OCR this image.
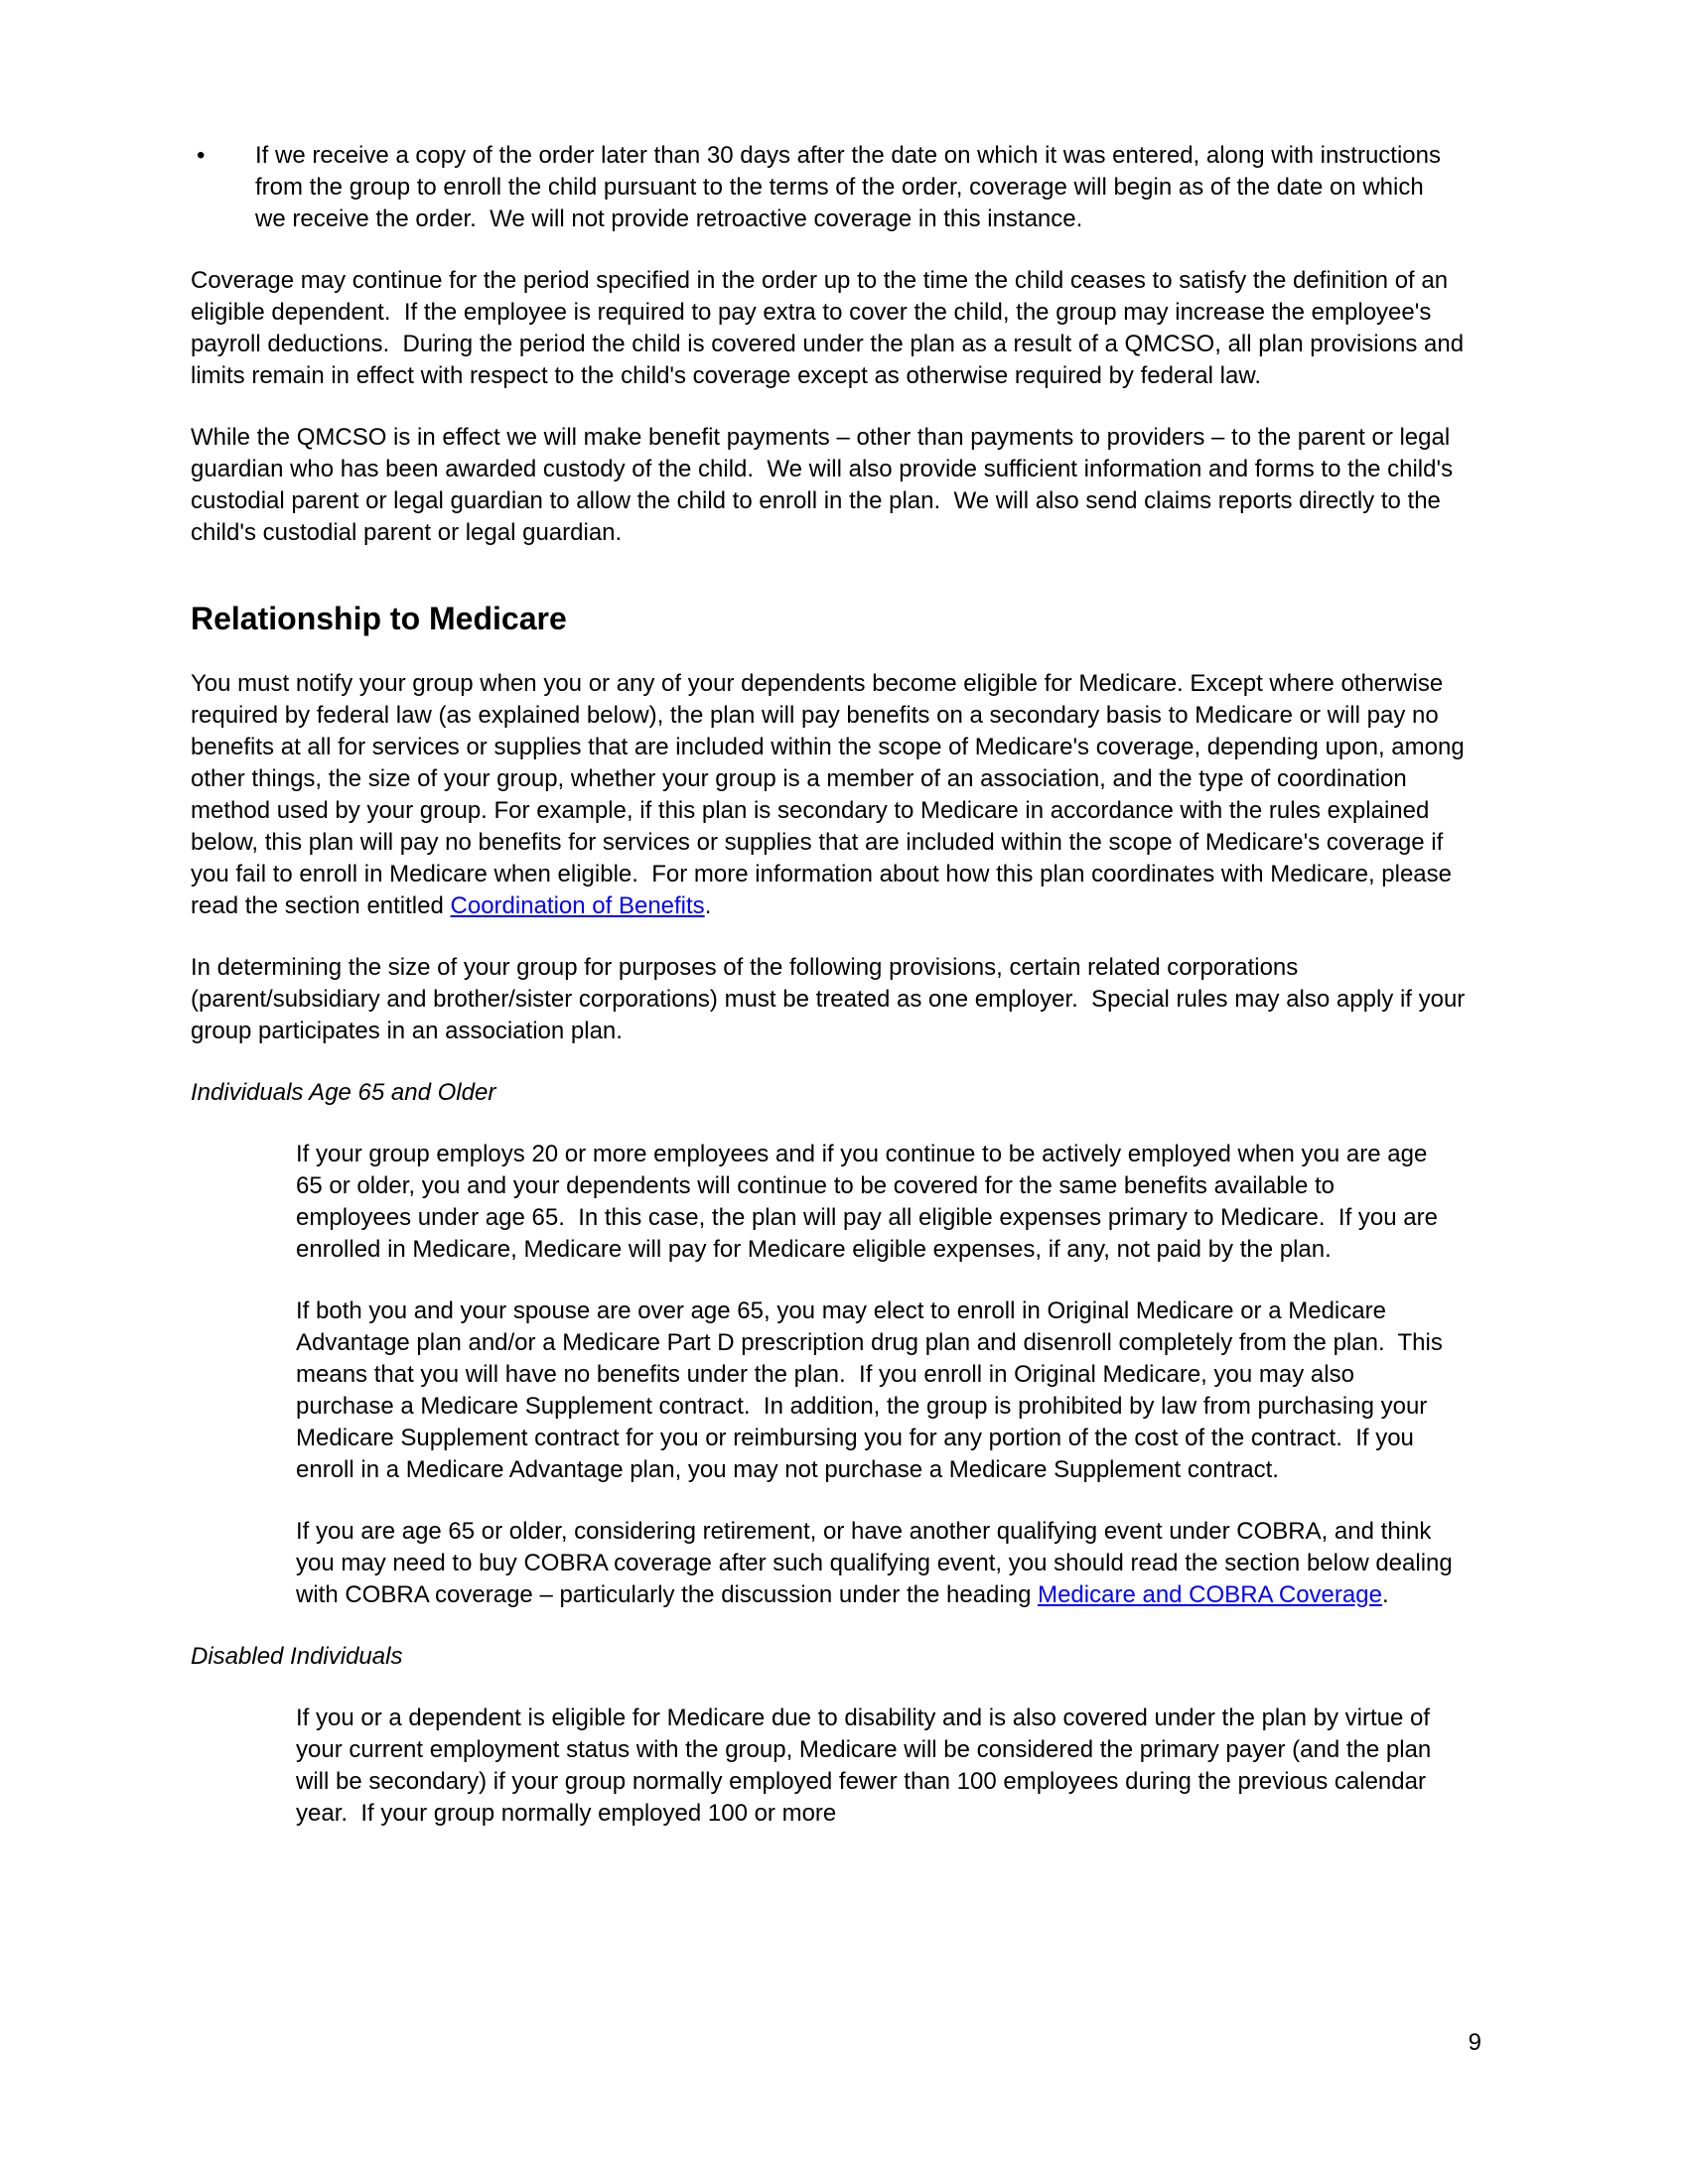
•	If we receive a copy of the order later than 30 days after the date on which it was entered, along with instructions from the group to enroll the child pursuant to the terms of the order, coverage will begin as of the date on which we receive the order.  We will not provide retroactive coverage in this instance.

Coverage may continue for the period specified in the order up to the time the child ceases to satisfy the definition of an eligible dependent.  If the employee is required to pay extra to cover the child, the group may increase the employee's payroll deductions.  During the period the child is covered under the plan as a result of a QMCSO, all plan provisions and limits remain in effect with respect to the child's coverage except as otherwise required by federal law.

While the QMCSO is in effect we will make benefit payments – other than payments to providers – to the parent or legal guardian who has been awarded custody of the child.  We will also provide sufficient information and forms to the child's custodial parent or legal guardian to allow the child to enroll in the plan.  We will also send claims reports directly to the child's custodial parent or legal guardian.

Relationship to Medicare

You must notify your group when you or any of your dependents become eligible for Medicare. Except where otherwise required by federal law (as explained below), the plan will pay benefits on a secondary basis to Medicare or will pay no benefits at all for services or supplies that are included within the scope of Medicare's coverage, depending upon, among other things, the size of your group, whether your group is a member of an association, and the type of coordination method used by your group. For example, if this plan is secondary to Medicare in accordance with the rules explained below, this plan will pay no benefits for services or supplies that are included within the scope of Medicare's coverage if you fail to enroll in Medicare when eligible.  For more information about how this plan coordinates with Medicare, please read the section entitled Coordination of Benefits.

In determining the size of your group for purposes of the following provisions, certain related corporations (parent/subsidiary and brother/sister corporations) must be treated as one employer.  Special rules may also apply if your group participates in an association plan.

Individuals Age 65 and Older

If your group employs 20 or more employees and if you continue to be actively employed when you are age 65 or older, you and your dependents will continue to be covered for the same benefits available to employees under age 65.  In this case, the plan will pay all eligible expenses primary to Medicare.  If you are enrolled in Medicare, Medicare will pay for Medicare eligible expenses, if any, not paid by the plan.

If both you and your spouse are over age 65, you may elect to enroll in Original Medicare or a Medicare Advantage plan and/or a Medicare Part D prescription drug plan and disenroll completely from the plan.  This means that you will have no benefits under the plan.  If you enroll in Original Medicare, you may also purchase a Medicare Supplement contract.  In addition, the group is prohibited by law from purchasing your Medicare Supplement contract for you or reimbursing you for any portion of the cost of the contract.  If you enroll in a Medicare Advantage plan, you may not purchase a Medicare Supplement contract.

If you are age 65 or older, considering retirement, or have another qualifying event under COBRA, and think you may need to buy COBRA coverage after such qualifying event, you should read the section below dealing with COBRA coverage – particularly the discussion under the heading Medicare and COBRA Coverage.

Disabled Individuals

If you or a dependent is eligible for Medicare due to disability and is also covered under the plan by virtue of your current employment status with the group, Medicare will be considered the primary payer (and the plan will be secondary) if your group normally employed fewer than 100 employees during the previous calendar year.  If your group normally employed 100 or more

9
